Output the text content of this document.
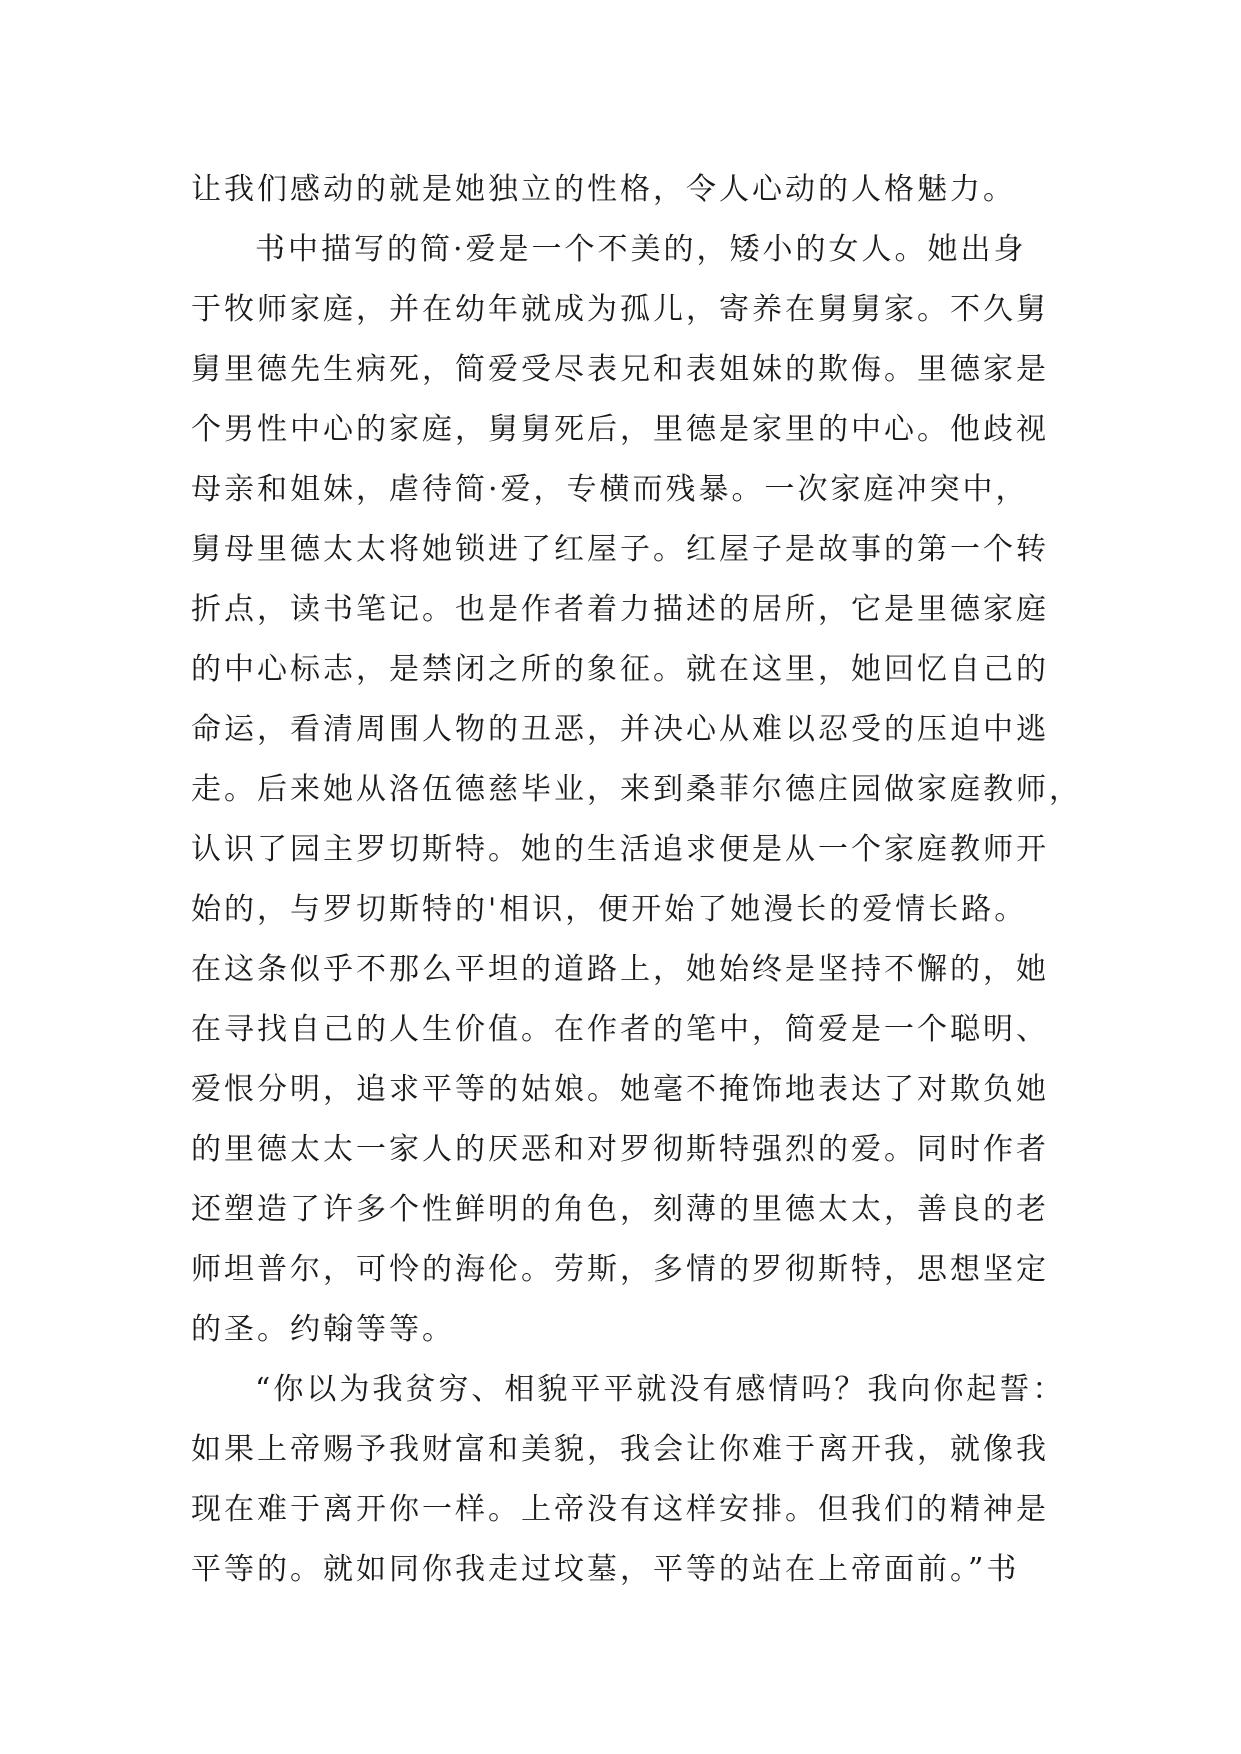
让我们感动的就是她独立的性格，令人心动的人格魅力。
书中描写的简·爱是一个不美的，矮小的女人。她出身
于牧师家庭，并在幼年就成为孤儿，寄养在舅舅家。不久舅
舅里德先生病死，简爱受尽表兄和表姐妹的欺侮。里德家是
个男性中心的家庭，舅舅死后，里德是家里的中心。他歧视
母亲和姐妹，虐待简·爱，专横而残暴。一次家庭冲突中，
舅母里德太太将她锁进了红屋子。红屋子是故事的第一个转
折点，读书笔记。也是作者着力描述的居所，它是里德家庭
的中心标志，是禁闭之所的象征。就在这里，她回忆自己的
命运，看清周围人物的丑恶，并决心从难以忍受的压迫中逃
走。后来她从洛伍德慈毕业，来到桑菲尔德庄园做家庭教师，
认识了园主罗切斯特。她的生活追求便是从一个家庭教师开
始的，与罗切斯特的'相识，便开始了她漫长的爱情长路。
在这条似乎不那么平坦的道路上，她始终是坚持不懈的，她
在寻找自己的人生价值。在作者的笔中，简爱是一个聪明、
爱恨分明，追求平等的姑娘。她毫不掩饰地表达了对欺负她
的里德太太一家人的厌恶和对罗彻斯特强烈的爱。同时作者
还塑造了许多个性鲜明的角色，刻薄的里德太太，善良的老
师坦普尔，可怜的海伦。劳斯，多情的罗彻斯特，思想坚定
的圣。约翰等等。
“你以为我贫穷、相貌平平就没有感情吗？我向你起誓：
如果上帝赐予我财富和美貌，我会让你难于离开我，就像我
现在难于离开你一样。上帝没有这样安排。但我们的精神是
平等的。就如同你我走过坟墓，平等的站在上帝面前。”书
